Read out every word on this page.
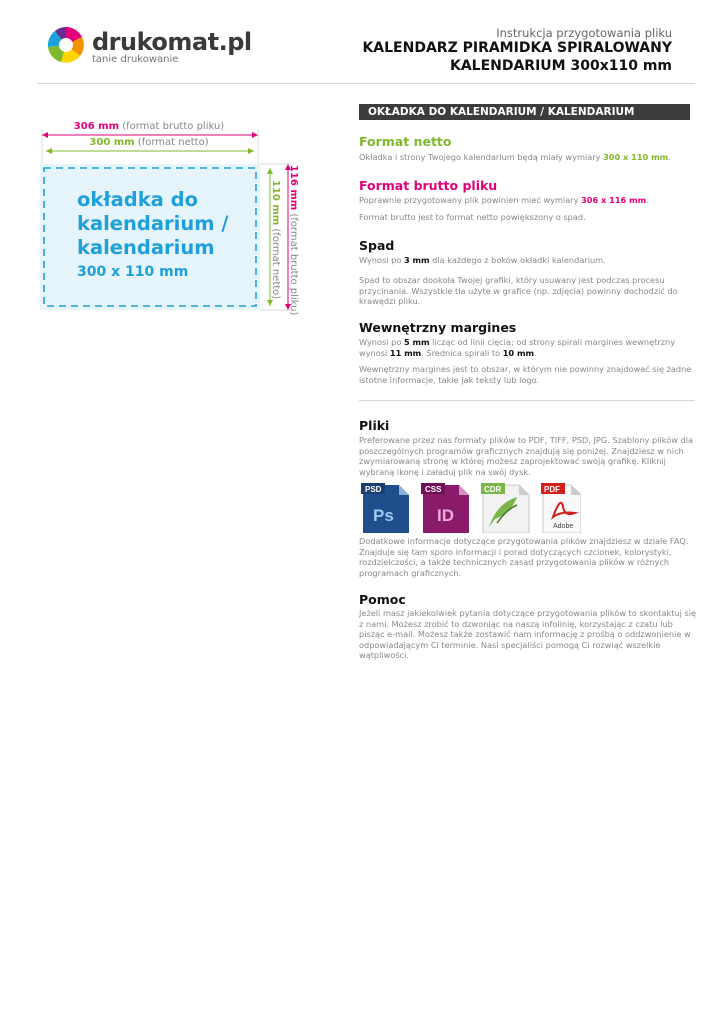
drukomat.pl
tanie drukowanie
Instrukcja przygotowania pliku
KALENDARZ PIRAMIDKA SPIRALOWANY
KALENDARIUM 300x110 mm
306 mm (format brutto pliku)
300 mm (format netto)
okładka do
kalendarium /
kalendarium
300 x 110 mm
116 mm (format brutto pliku)
110 mm (format netto)
OKŁADKA DO KALENDARIUM / KALENDARIUM
Format netto
Okładka i strony Twojego kalendarium będą miały wymiary 300 x 110 mm.
Format brutto pliku
Poprawnie przygotowany plik powinien mieć wymiary 306 x 116 mm.
Format brutto jest to format netto powiększony o spad.
Spad
Wynosi po 3 mm dla każdego z boków okładki kalendarium.
Spad to obszar dookoła Twojej grafiki, który usuwany jest podczas procesu przycinania. Wszystkie tła użyte w grafice (np. zdjęcia) powinny dochodzić do krawędzi pliku.
Wewnętrzny margines
Wynosi po 5 mm licząc od linii cięcia; od strony spirali margines wewnętrzny wynosi 11 mm. Średnica spirali to 10 mm.
Wewnętrzny margines jest to obszar, w którym nie powinny znajdować się żadne istotne informacje, takie jak teksty lub logo.
Pliki
Preferowane przez nas formaty plików to PDF, TIFF, PSD, JPG. Szablony plików dla poszczególnych programów graficznych znajdują się poniżej. Znajdziesz w nich zwymiarowaną stronę w której możesz zaprojektować swoją grafikę. Kliknij wybraną ikonę i załaduj plik na swój dysk.
PSD
Ps
CSS
ID
CDR	PDF
Adobe
Dodatkowe informacje dotyczące przygotowania plików znajdziesz w dziale FAQ. Znajduje się tam sporo informacji i porad dotyczących czcionek, kolorystyki, rozdzielczości, a także technicznych zasad przygotowania plików w różnych programach graficznych.
Pomoc
Jeżeli masz jakiekolwiek pytania dotyczące przygotowania plików to skontaktuj się z nami. Możesz zrobić to dzwoniąc na naszą infolinię, korzystając z czatu lub pisząc e-mail. Możesz także zostawić nam informację z prośbą o oddzwonienie w odpowiadającym Ci terminie. Nasi specjaliści pomogą Ci rozwiąć wszelkie wątpliwości.
